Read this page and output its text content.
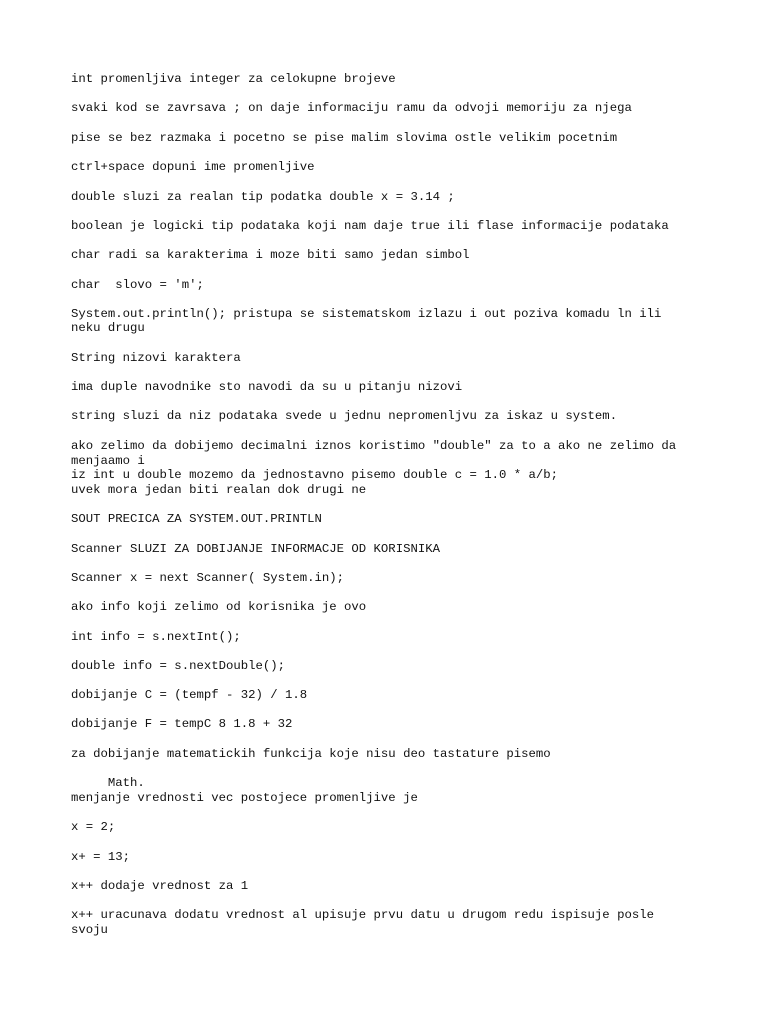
int promenljiva integer za celokupne brojeve

svaki kod se zavrsava ; on daje informaciju ramu da odvoji memoriju za njega

pise se bez razmaka i pocetno se pise malim slovima ostle velikim pocetnim

ctrl+space dopuni ime promenljive

double sluzi za realan tip podatka double x = 3.14 ;

boolean je logicki tip podataka koji nam daje true ili flase informacije podataka

char radi sa karakterima i moze biti samo jedan simbol

char  slovo = 'm';

System.out.println(); pristupa se sistematskom izlazu i out poziva komadu ln ili

neku drugu

String nizovi karaktera

ima duple navodnike sto navodi da su u pitanju nizovi

string sluzi da niz podataka svede u jednu nepromenljvu za iskaz u system.

ako zelimo da dobijemo decimalni iznos koristimo "double" za to a ako ne zelimo da

menjaamo i

iz int u double mozemo da jednostavno pisemo double c = 1.0 * a/b;

uvek mora jedan biti realan dok drugi ne

SOUT PRECICA ZA SYSTEM.OUT.PRINTLN

Scanner SLUZI ZA DOBIJANJE INFORMACJE OD KORISNIKA

Scanner x = next Scanner( System.in);

ako info koji zelimo od korisnika je ovo

int info = s.nextInt();

double info = s.nextDouble();

dobijanje C = (tempf - 32) / 1.8

dobijanje F = tempC 8 1.8 + 32

za dobijanje matematickih funkcija koje nisu deo tastature pisemo

Math.

menjanje vrednosti vec postojece promenljive je

x = 2;

x+ = 13;

x++ dodaje vrednost za 1

x++ uracunava dodatu vrednost al upisuje prvu datu u drugom redu ispisuje posle

svoju
